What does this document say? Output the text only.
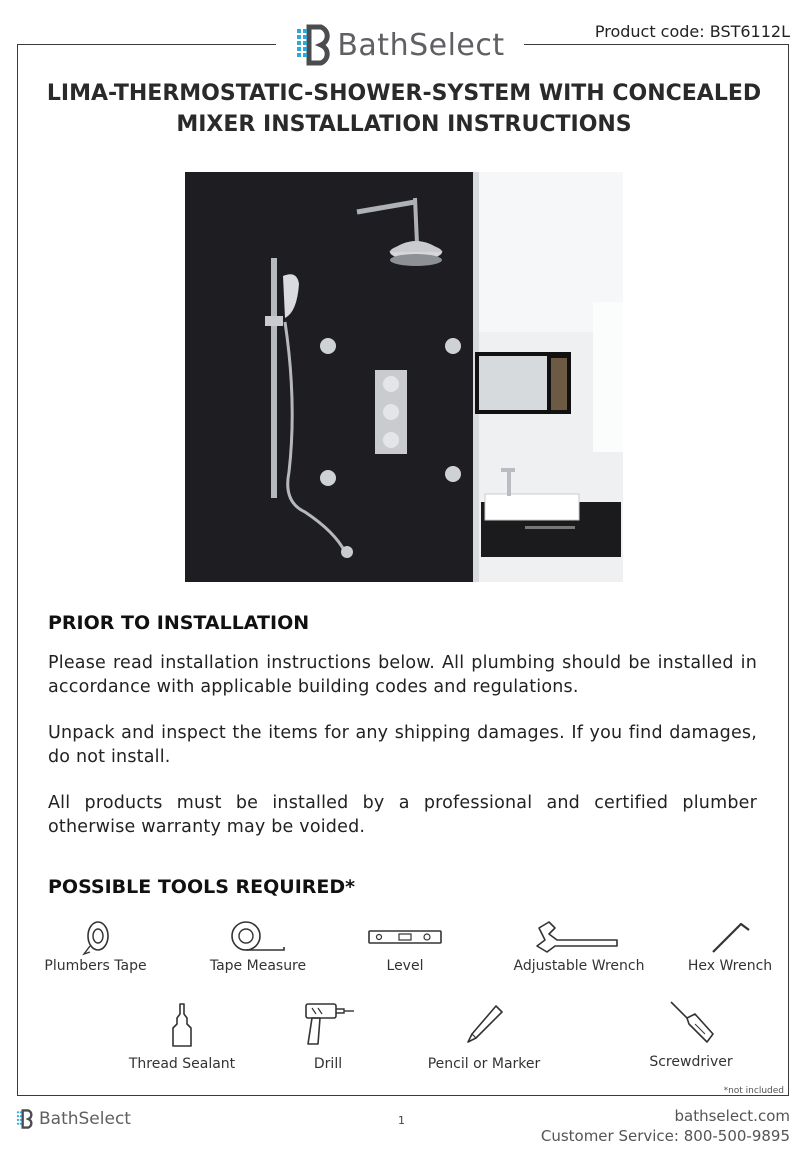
Product code: BST6112L
BathSelect
LIMA-THERMOSTATIC-SHOWER-SYSTEM WITH CONCEALED
MIXER INSTALLATION INSTRUCTIONS
PRIOR TO INSTALLATION
Please read installation instructions below. All plumbing should be installed in accordance with applicable building codes and regulations.
Unpack and inspect the items for any shipping damages. If you find damages, do not install.
All products must be installed by a professional and certified plumber otherwise warranty may be voided.
POSSIBLE TOOLS REQUIRED*
Plumbers Tape	Tape Measure	Level	Adjustable Wrench	Hex Wrench
Thread Sealant	Drill	Pencil or Marker	Screwdriver
*not included
BathSelect	1	bathselect.com
Customer Service: 800-500-9895
